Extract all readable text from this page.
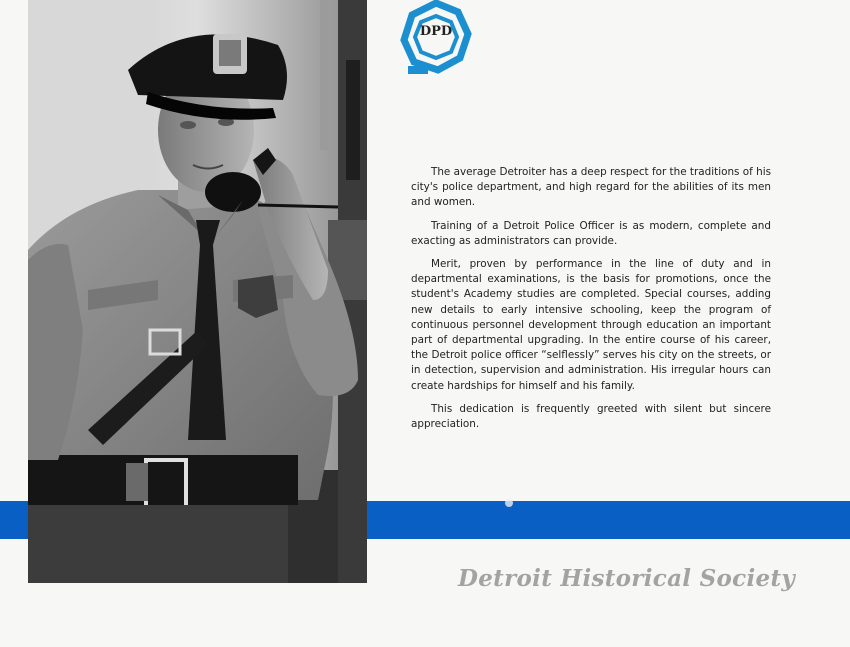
DPD

The average Detroiter has a deep respect for the traditions of his city's police department, and high regard for the abilities of its men and women.

Training of a Detroit Police Officer is as modern, complete and exacting as administrators can provide.

Merit, proven by performance in the line of duty and in departmental examinations, is the basis for promotions, once the student's Academy studies are completed. Special courses, adding new details to early intensive schooling, keep the program of continuous personnel development through education an important part of departmental upgrading. In the entire course of his career, the Detroit police officer “selflessly” serves his city on the streets, or in detection, supervision and administration. His irregular hours can create hardships for himself and his family.

This dedication is frequently greeted with silent but sincere appreciation.

Detroit Historical Society
